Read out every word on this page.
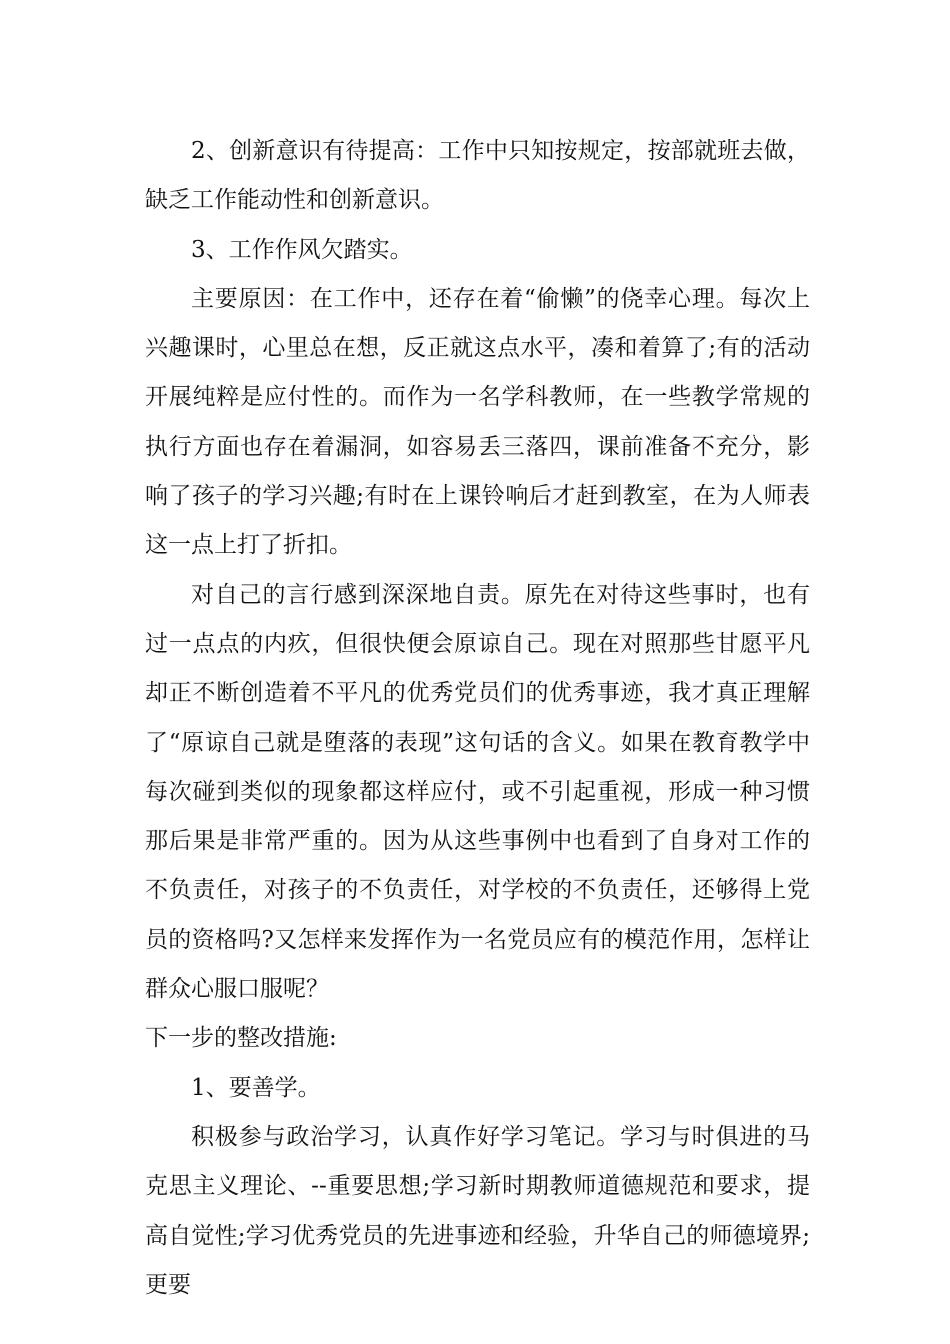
2、创新意识有待提高：工作中只知按规定，按部就班去做，缺乏工作能动性和创新意识。

3、工作作风欠踏实。

主要原因：在工作中，还存在着“偷懒”的侥幸心理。每次上兴趣课时，心里总在想，反正就这点水平，凑和着算了;有的活动开展纯粹是应付性的。而作为一名学科教师，在一些教学常规的执行方面也存在着漏洞，如容易丢三落四，课前准备不充分，影响了孩子的学习兴趣;有时在上课铃响后才赶到教室，在为人师表这一点上打了折扣。

对自己的言行感到深深地自责。原先在对待这些事时，也有过一点点的内疚，但很快便会原谅自己。现在对照那些甘愿平凡却正不断创造着不平凡的优秀党员们的优秀事迹，我才真正理解了“原谅自己就是堕落的表现”这句话的含义。如果在教育教学中每次碰到类似的现象都这样应付，或不引起重视，形成一种习惯那后果是非常严重的。因为从这些事例中也看到了自身对工作的不负责任，对孩子的不负责任，对学校的不负责任，还够得上党员的资格吗?又怎样来发挥作为一名党员应有的模范作用，怎样让群众心服口服呢？

下一步的整改措施:

1、要善学。

积极参与政治学习，认真作好学习笔记。学习与时俱进的马克思主义理论、--重要思想;学习新时期教师道德规范和要求，提高自觉性;学习优秀党员的先进事迹和经验，升华自己的师德境界;更要
